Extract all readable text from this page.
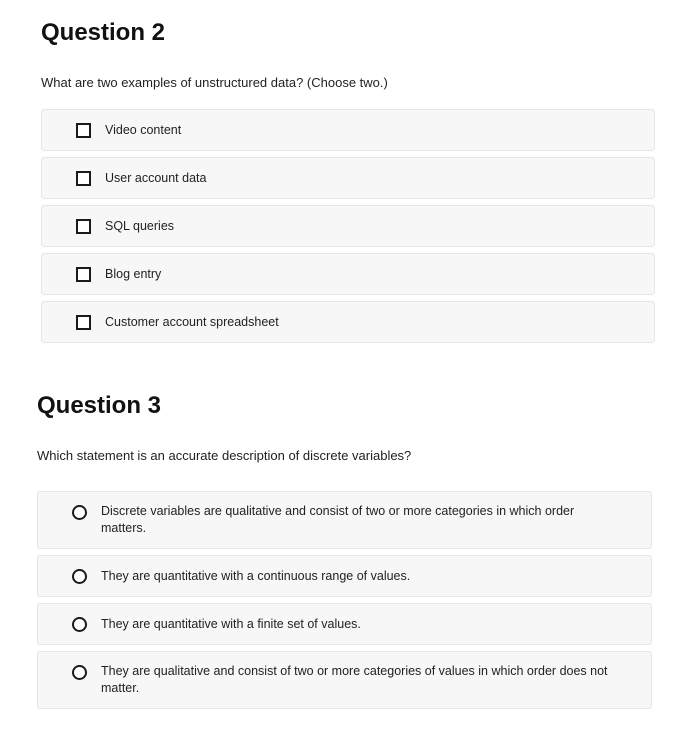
Question 2

What are two examples of unstructured data? (Choose two.)

Video content
User account data
SQL queries
Blog entry
Customer account spreadsheet
Question 3

Which statement is an accurate description of discrete variables?

Discrete variables are qualitative and consist of two or more categories in which order matters.
They are quantitative with a continuous range of values.
They are quantitative with a finite set of values.
They are qualitative and consist of two or more categories of values in which order does not matter.
